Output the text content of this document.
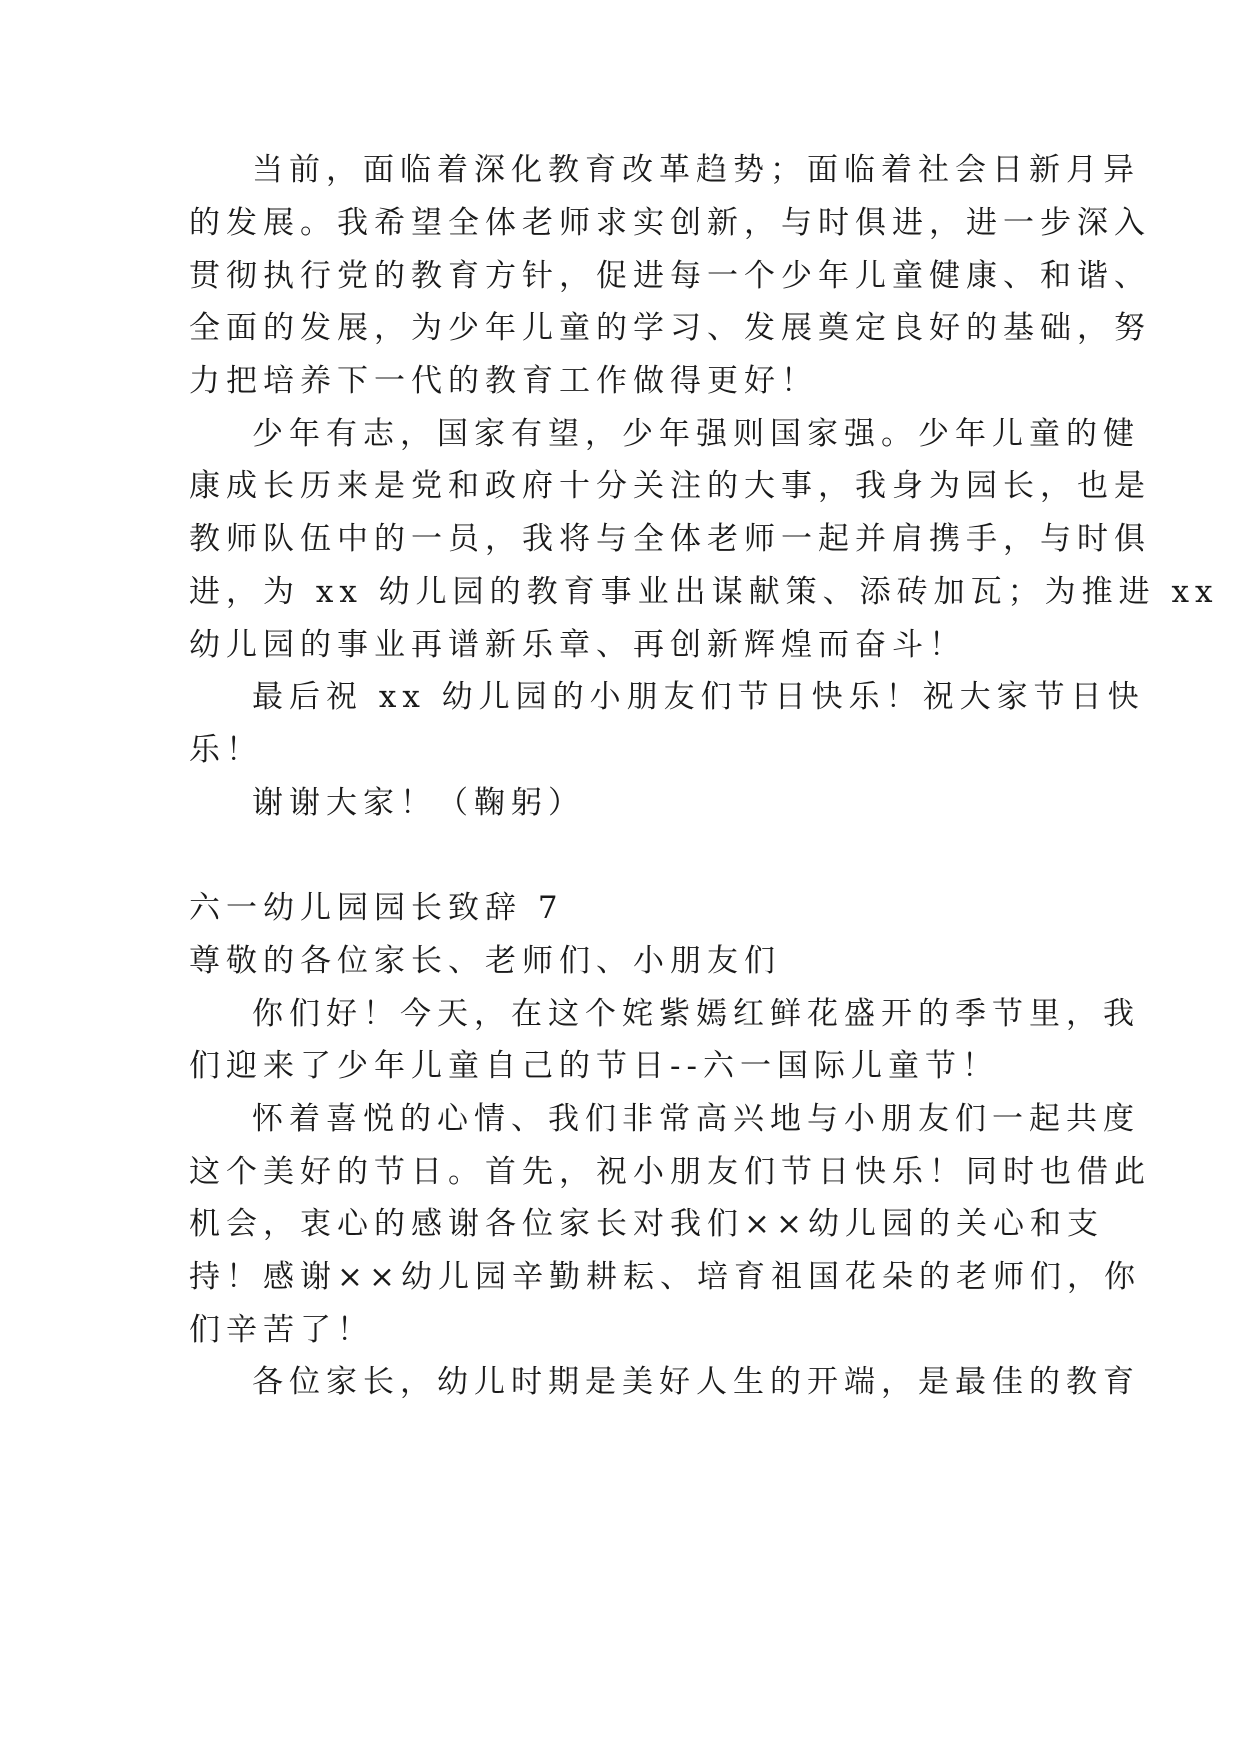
当前，面临着深化教育改革趋势；面临着社会日新月异

的发展。我希望全体老师求实创新，与时俱进，进一步深入

贯彻执行党的教育方针，促进每一个少年儿童健康、和谐、

全面的发展，为少年儿童的学习、发展奠定良好的基础，努

力把培养下一代的教育工作做得更好！

少年有志，国家有望，少年强则国家强。少年儿童的健

康成长历来是党和政府十分关注的大事，我身为园长，也是

教师队伍中的一员，我将与全体老师一起并肩携手，与时俱

进，为 xx 幼儿园的教育事业出谋献策、添砖加瓦；为推进 xx

幼儿园的事业再谱新乐章、再创新辉煌而奋斗！

最后祝 xx 幼儿园的小朋友们节日快乐！祝大家节日快

乐！

谢谢大家！（鞠躬）

六一幼儿园园长致辞 7

尊敬的各位家长、老师们、小朋友们

你们好！今天，在这个姹紫嫣红鲜花盛开的季节里，我

们迎来了少年儿童自己的节日--六一国际儿童节！

怀着喜悦的心情、我们非常高兴地与小朋友们一起共度

这个美好的节日。首先，祝小朋友们节日快乐！同时也借此

机会，衷心的感谢各位家长对我们××幼儿园的关心和支

持！感谢××幼儿园辛勤耕耘、培育祖国花朵的老师们，你

们辛苦了！

各位家长，幼儿时期是美好人生的开端，是最佳的教育
